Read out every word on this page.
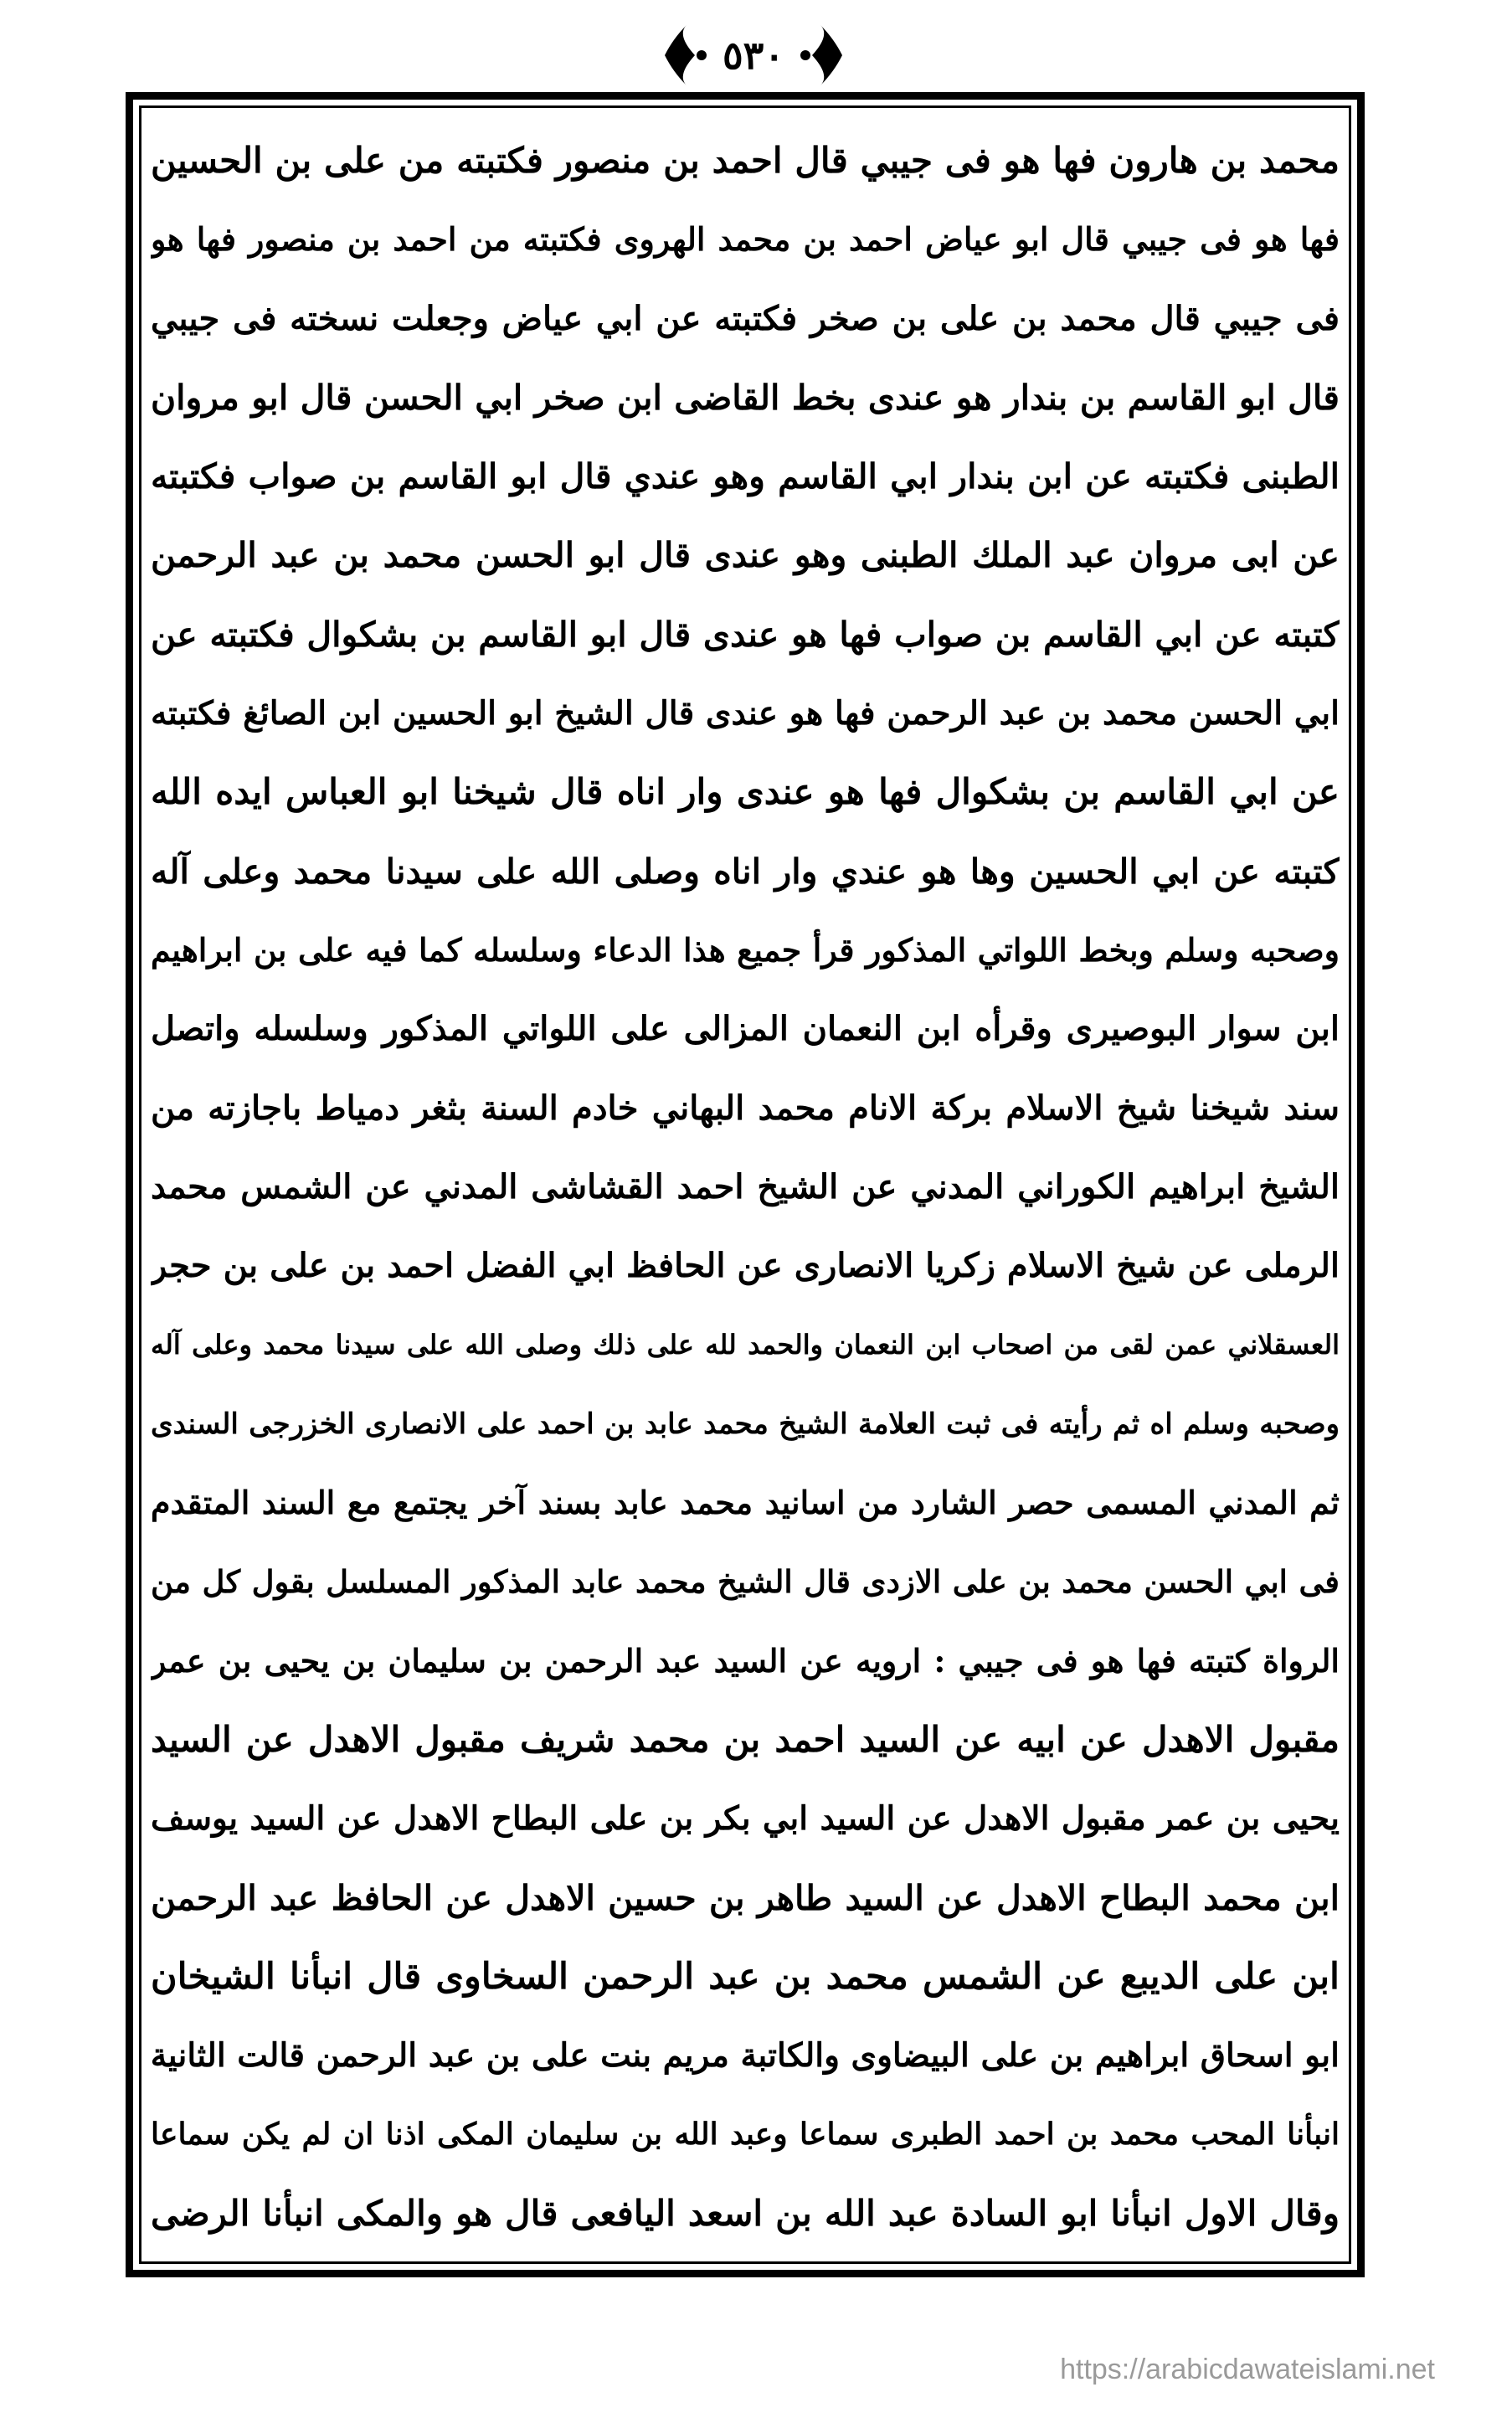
٥٣٠
محمد بن هارون فها هو فى جيبي قال احمد بن منصور فكتبته من على بن الحسين
فها هو فى جيبي قال ابو عياض احمد بن محمد الهروى فكتبته من احمد بن منصور فها هو
فى جيبي قال محمد بن على بن صخر فكتبته عن ابي عياض وجعلت نسخته فى جيبي
قال ابو القاسم بن بندار هو عندى بخط القاضى ابن صخر ابي الحسن قال ابو مروان
الطبنى فكتبته عن ابن بندار ابي القاسم وهو عندي قال ابو القاسم بن صواب فكتبته
عن ابى مروان عبد الملك الطبنى وهو عندى قال ابو الحسن محمد بن عبد الرحمن
كتبته عن ابي القاسم بن صواب فها هو عندى قال ابو القاسم بن بشكوال فكتبته عن
ابي الحسن محمد بن عبد الرحمن فها هو عندى قال الشيخ ابو الحسين ابن الصائغ فكتبته
عن ابي القاسم بن بشكوال فها هو عندى وار اناه قال شيخنا ابو العباس ايده الله
كتبته عن ابي الحسين وها هو عندي وار اناه وصلى الله على سيدنا محمد وعلى آله
وصحبه وسلم وبخط اللواتي المذكور قرأ جميع هذا الدعاء وسلسله كما فيه على بن ابراهيم
ابن سوار البوصيرى وقرأه ابن النعمان المزالى على اللواتي المذكور وسلسله واتصل
سند شيخنا شيخ الاسلام بركة الانام محمد البهاني خادم السنة بثغر دمياط باجازته من
الشيخ ابراهيم الكوراني المدني عن الشيخ احمد القشاشى المدني عن الشمس محمد
الرملى عن شيخ الاسلام زكريا الانصارى عن الحافظ ابي الفضل احمد بن على بن حجر
العسقلاني عمن لقى من اصحاب ابن النعمان والحمد لله على ذلك وصلى الله على سيدنا محمد وعلى آله
وصحبه وسلم اه ثم رأيته فى ثبت العلامة الشيخ محمد عابد بن احمد على الانصارى الخزرجى السندى
ثم المدني المسمى حصر الشارد من اسانيد محمد عابد بسند آخر يجتمع مع السند المتقدم
فى ابي الحسن محمد بن على الازدى قال الشيخ محمد عابد المذكور المسلسل بقول كل من
الرواة كتبته فها هو فى جيبي : ارويه عن السيد عبد الرحمن بن سليمان بن يحيى بن عمر
مقبول الاهدل عن ابيه عن السيد احمد بن محمد شريف مقبول الاهدل عن السيد
يحيى بن عمر مقبول الاهدل عن السيد ابي بكر بن على البطاح الاهدل عن السيد يوسف
ابن محمد البطاح الاهدل عن السيد طاهر بن حسين الاهدل عن الحافظ عبد الرحمن
ابن على الديبع عن الشمس محمد بن عبد الرحمن السخاوى قال انبأنا الشيخان
ابو اسحاق ابراهيم بن على البيضاوى والكاتبة مريم بنت على بن عبد الرحمن قالت الثانية
انبأنا المحب محمد بن احمد الطبرى سماعا وعبد الله بن سليمان المكى اذنا ان لم يكن سماعا
وقال الاول انبأنا ابو السادة عبد الله بن اسعد اليافعى قال هو والمكى انبأنا الرضى
https://arabicdawateislami.net
